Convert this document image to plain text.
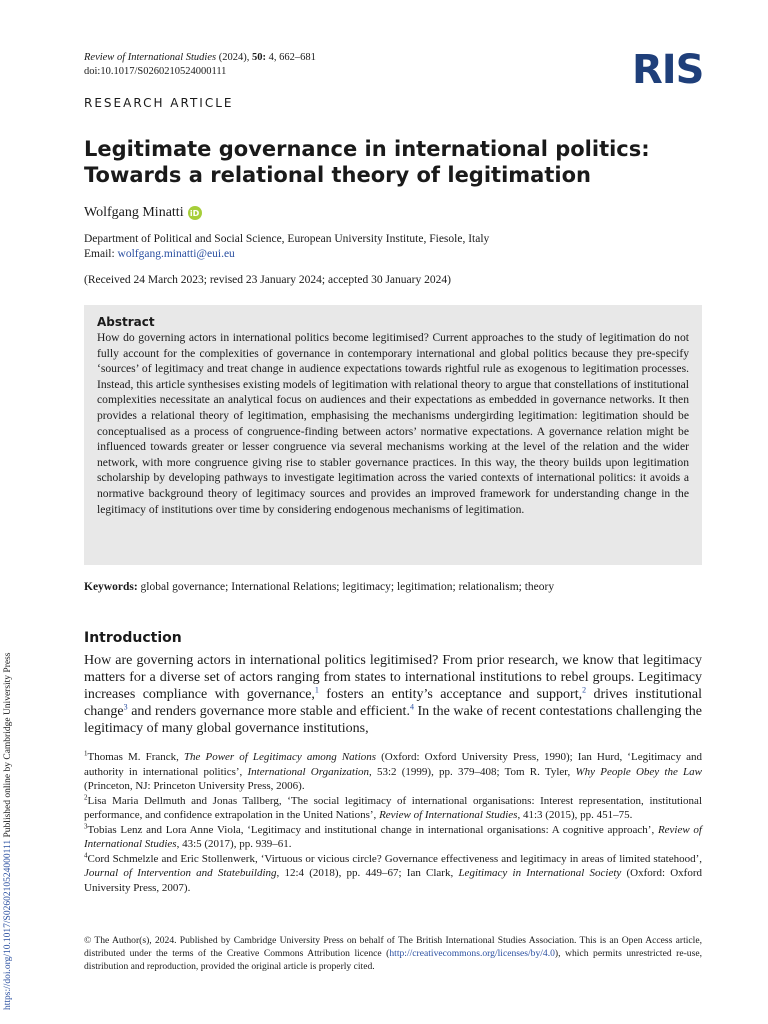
Review of International Studies (2024), 50: 4, 662–681
doi:10.1017/S0260210524000111	RIS
RESEARCH ARTICLE
Legitimate governance in international politics:
Towards a relational theory of legitimation
Wolfgang Minatti iD
Department of Political and Social Science, European University Institute, Fiesole, Italy
Email: wolfgang.minatti@eui.eu
(Received 24 March 2023; revised 23 January 2024; accepted 30 January 2024)
Abstract
How do governing actors in international politics become legitimised? Current approaches to the study of legitimation do not fully account for the complexities of governance in contemporary international and global politics because they pre-specify ‘sources’ of legitimacy and treat change in audience expectations towards rightful rule as exogenous to legitimation processes. Instead, this article synthesises existing models of legitimation with relational theory to argue that constellations of institutional complexities necessitate an analytical focus on audiences and their expectations as embedded in governance networks. It then provides a relational theory of legitimation, emphasising the mechanisms undergirding legitimation: legitimation should be conceptualised as a process of congruence-finding between actors’ normative expectations. A governance relation might be influenced towards greater or lesser congruence via several mechanisms working at the level of the relation and the wider network, with more congruence giving rise to stabler governance practices. In this way, the theory builds upon legitimation scholarship by developing pathways to investigate legitimation across the varied contexts of international politics: it avoids a normative background theory of legitimacy sources and provides an improved framework for understanding change in the legitimacy of institutions over time by considering endogenous mechanisms of legitimation.
Keywords: global governance; International Relations; legitimacy; legitimation; relationalism; theory
Introduction
How are governing actors in international politics legitimised? From prior research, we know that legitimacy matters for a diverse set of actors ranging from states to international institutions to rebel groups. Legitimacy increases compliance with governance,$^1$ fosters an entity’s acceptance and support,$^2$ drives institutional change$^3$ and renders governance more stable and efficient.$^4$ In the wake of recent contestations challenging the legitimacy of many global governance institutions,
$^1$Thomas M. Franck, The Power of Legitimacy among Nations (Oxford: Oxford University Press, 1990); Ian Hurd, ‘Legitimacy and authority in international politics’, International Organization, 53:2 (1999), pp. 379–408; Tom R. Tyler, Why People Obey the Law (Princeton, NJ: Princeton University Press, 2006).
$^2$Lisa Maria Dellmuth and Jonas Tallberg, ‘The social legitimacy of international organisations: Interest representation, institutional performance, and confidence extrapolation in the United Nations’, Review of International Studies, 41:3 (2015), pp. 451–75.
$^3$Tobias Lenz and Lora Anne Viola, ‘Legitimacy and institutional change in international organisations: A cognitive approach’, Review of International Studies, 43:5 (2017), pp. 939–61.
$^4$Cord Schmelzle and Eric Stollenwerk, ‘Virtuous or vicious circle? Governance effectiveness and legitimacy in areas of limited statehood’, Journal of Intervention and Statebuilding, 12:4 (2018), pp. 449–67; Ian Clark, Legitimacy in International Society (Oxford: Oxford University Press, 2007).
© The Author(s), 2024. Published by Cambridge University Press on behalf of The British International Studies Association. This is an Open Access article, distributed under the terms of the Creative Commons Attribution licence (http://creativecommons.org/licenses/by/4.0), which permits unrestricted re-use, distribution and reproduction, provided the original article is properly cited.
https://doi.org/10.1017/S0260210524000111 Published online by Cambridge University Press
